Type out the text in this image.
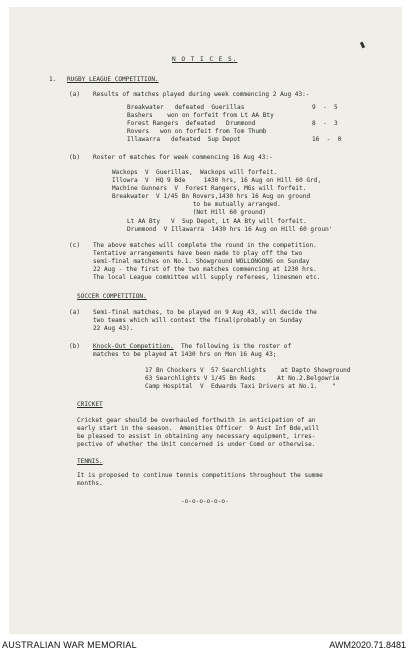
N O T I C E S.
1. RUGBY LEAGUE COMPETITION.
(a) Results of matches played during week commencing 2 Aug 43:-
Breakwater   defeated  Guerillas	9  -  5
Bashers    won on forfeit from Lt AA Bty
Forest Rangers  defeated   Drummond	8  -  3
Rovers   won on forfeit from Tom Thumb
Illawarra   defeated  Sup Depot	16  -  0
(b) Roster of matches for week commencing 16 Aug 43:-
Wackops  V  Guerillas,  Wackops will forfeit.
Illowra  V  HQ 9 Bde     1430 hrs, 16 Aug on Hill 60 Grd,
Machine Gunners  V  Forest Rangers, MGs will forfeit.
Breakwater  V 1/45 Bn Rovers,1430 hrs 16 Aug on ground
to be mutually arranged.
(Not Hill 60 ground)
Lt AA Bty   V  Sup Depot, Lt AA Bty will forfeit.
Drummond  V Illawarra  1430 hrs 16 Aug on Hill 60 groun'
(c) The above matches will complete the round in the competition.
Tentative arrangements have been made to play off the two
semi-final matches on No.1. Showground WOLLONGONG on Sunday
22 Aug - the first of the two matches commencing at 1230 hrs.
The local League committee will supply referees, linesmen etc.
SOCCER COMPETITION.
(a) Semi-final matches, to be played on 9 Aug 43, will decide the
two teams which will contest the final(probably on Sunday
22 Aug 43).
(b) Knock-Out Competition.  The following is the roster of
matches to be played at 1430 hrs on Mon 16 Aug 43;
17 Bn Chockers V  57 Searchlights    at Dapto Showground
63 Searchlights V 1/45 Bn Reds      At No.2.Belgowrie
Camp Hospital  V  Edwards Taxi Drivers at No.1.    "
CRICKET
Cricket gear should be overhauled forthwith in anticipation of an
early start in the season.  Amenities Officer  9 Aust Inf Bde,will
be pleased to assist in obtaining any necessary equipment, irres-
pective of whether the Unit concerned is under Comd or otherwise.
TENNIS.
It is proposed to continue tennis competitions throughout the summe
months.
-o-o-o-o-o-o-
AUSTRALIAN WAR MEMORIAL	AWM2020.71.8481
